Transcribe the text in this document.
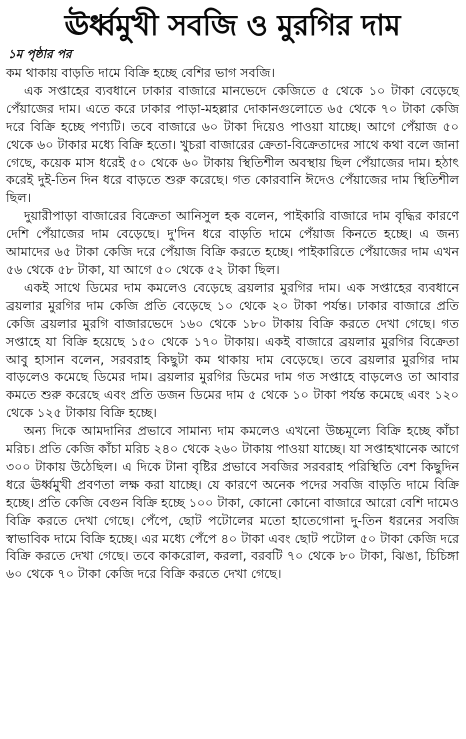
ঊর্ধ্বমুখী সবজি ও মুরগির দাম

১ম পৃষ্ঠার পর

কম থাকায় বাড়তি দামে বিক্রি হচ্ছে বেশির ভাগ সবজি।

এক সপ্তাহের ব্যবধানে ঢাকার বাজারে মানভেদে কেজিতে ৫ থেকে ১০ টাকা বেড়েছে পেঁয়াজের দাম। এতে করে ঢাকার পাড়া-মহল্লার দোকানগুলোতে ৬৫ থেকে ৭০ টাকা কেজি দরে বিক্রি হচ্ছে পণ্যটি। তবে বাজারে ৬০ টাকা দিয়েও পাওয়া যাচ্ছে। আগে পেঁয়াজ ৫০ থেকে ৬০ টাকার মধ্যে বিক্রি হতো। খুচরা বাজারের ক্রেতা-বিক্রেতাদের সাথে কথা বলে জানা গেছে, কয়েক মাস ধরেই ৫০ থেকে ৬০ টাকায় স্থিতিশীল অবস্থায় ছিল পেঁয়াজের দাম। হঠাৎ করেই দুই-তিন দিন ধরে বাড়তে শুরু করেছে। গত কোরবানি ঈদেও পেঁয়াজের দাম স্থিতিশীল ছিল।

দুয়ারীপাড়া বাজারের বিক্রেতা আনিসুল হক বলেন, পাইকারি বাজারে দাম বৃদ্ধির কারণে দেশি পেঁয়াজের দাম বেড়েছে। দু'দিন ধরে বাড়তি দামে পেঁয়াজ কিনতে হচ্ছে। এ জন্য আমাদের ৬৫ টাকা কেজি দরে পেঁয়াজ বিক্রি করতে হচ্ছে। পাইকারিতে পেঁয়াজের দাম এখন ৫৬ থেকে ৫৮ টাকা, যা আগে ৫০ থেকে ৫২ টাকা ছিল।

একই সাথে ডিমের দাম কমলেও বেড়েছে ব্রয়লার মুরগির দাম। এক সপ্তাহের ব্যবধানে ব্রয়লার মুরগির দাম কেজি প্রতি বেড়েছে ১০ থেকে ২০ টাকা পর্যন্ত। ঢাকার বাজারে প্রতি কেজি ব্রয়লার মুরগি বাজারভেদে ১৬০ থেকে ১৮০ টাকায় বিক্রি করতে দেখা গেছে। গত সপ্তাহে যা বিক্রি হয়েছে ১৫০ থেকে ১৭০ টাকায়। একই বাজারে ব্রয়লার মুরগির বিক্রেতা আবু হাসান বলেন, সরবরাহ কিছুটা কম থাকায় দাম বেড়েছে। তবে ব্রয়লার মুরগির দাম বাড়লেও কমেছে ডিমের দাম। ব্রয়লার মুরগির ডিমের দাম গত সপ্তাহে বাড়লেও তা আবার কমতে শুরু করেছে এবং প্রতি ডজন ডিমের দাম ৫ থেকে ১০ টাকা পর্যন্ত কমেছে এবং ১২০ থেকে ১২৫ টাকায় বিক্রি হচ্ছে।

অন্য দিকে আমদানির প্রভাবে সামান্য দাম কমলেও এখনো উচ্চমূল্যে বিক্রি হচ্ছে কাঁচা মরিচ। প্রতি কেজি কাঁচা মরিচ ২৪০ থেকে ২৬০ টাকায় পাওয়া যাচ্ছে। যা সপ্তাহখানেক আগে ৩০০ টাকায় উঠেছিল। এ দিকে টানা বৃষ্টির প্রভাবে সবজির সরবরাহ পরিস্থিতি বেশ কিছুদিন ধরে ঊর্ধ্বমুখী প্রবণতা লক্ষ করা যাচ্ছে। যে কারণে অনেক পদের সবজি বাড়তি দামে বিক্রি হচ্ছে। প্রতি কেজি বেগুন বিক্রি হচ্ছে ১০০ টাকা, কোনো কোনো বাজারে আরো বেশি দামেও বিক্রি করতে দেখা গেছে। পেঁপে, ছোট পটোলের মতো হাতেগোনা দু-তিন ধরনের সবজি স্বাভাবিক দামে বিক্রি হচ্ছে। এর মধ্যে পেঁপে ৪০ টাকা এবং ছোট পটোল ৫০ টাকা কেজি দরে বিক্রি করতে দেখা গেছে। তবে কাকরোল, করলা, বরবটি ৭০ থেকে ৮০ টাকা, ঝিঙা, চিচিঙ্গা ৬০ থেকে ৭০ টাকা কেজি দরে বিক্রি করতে দেখা গেছে।
